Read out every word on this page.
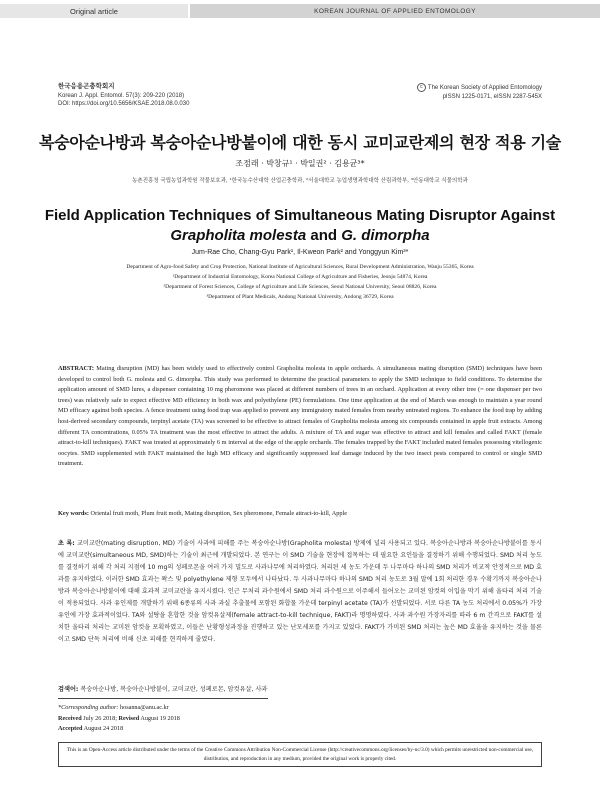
Original article	KOREAN JOURNAL OF APPLIED ENTOMOLOGY
한국응용곤충학회지
Korean J. Appl. Entomol. 57(3): 209-220 (2018)
DOI: https://doi.org/10.5656/KSAE.2018.08.0.030
c The Korean Society of Applied Entomology
pISSN 1225-0171, eISSN 2287-545X
복숭아순나방과 복숭아순나방붙이에 대한 동시 교미교란제의 현장 적용 기술
조점래 · 박창규¹ · 박일권² · 김용균³*
농촌진흥청 국립농업과학원 작물보호과, ¹한국농수산대학 산업곤충학과, ²서울대학교 농업생명과학대학 산림과학부, ³안동대학교 식물의학과
Field Application Techniques of Simultaneous Mating Disruptor Against
Grapholita molesta and G. dimorpha
Jum-Rae Cho, Chang-Gyu Park¹, Il-Kweon Park² and Yonggyun Kim³*
Department of Agro-food Safety and Crop Protection, National Institute of Agricultural Sciences, Rural Development Administration, Wanju 55365, Korea
¹Department of Industrial Entomology, Korea National College of Agriculture and Fisheries, Jeonju 54874, Korea
²Department of Forest Sciences, College of Agriculture and Life Sciences, Seoul National University, Seoul 08826, Korea
³Department of Plant Medicals, Andong National University, Andong 36729, Korea
ABSTRACT: Mating disruption (MD) has been widely used to effectively control Grapholita molesta in apple orchards. A simultaneous mating disruption (SMD) techniques have been developed to control both G. molesta and G. dimorpha. This study was performed to determine the practical parameters to apply the SMD technique to field conditions. To determine the application amount of SMD lures, a dispenser containing 10 mg pheromone was placed at different numbers of trees in an orchard. Application at every other tree (= one dispenser per two trees) was relatively safe to expect effective MD efficiency in both wax and polyethylene (PE) formulations. One time application at the end of March was enough to maintain a year round MD efficacy against both species. A fence treatment using food trap was applied to prevent any immigratory mated females from nearby untreated regions. To enhance the food trap by adding host-derived secondary compounds, terpinyl acetate (TA) was screened to be effective to attract females of Grapholita molesta among six compounds contained in apple fruit extracts. Among different TA concentrations, 0.05% TA treatment was the most effective to attract the adults. A mixture of TA and sugar was effective to attract and kill females and called FAKT (female attract-to-kill techniques). FAKT was treated at approximately 6 m interval at the edge of the apple orchards. The females trapped by the FAKT included mated females possessing vitellogenic oocytes. SMD supplemented with FAKT maintained the high MD efficacy and significantly suppressed leaf damage induced by the two insect pests compared to control or single SMD treatment.
Key words: Oriental fruit moth, Plum fruit moth, Mating disruption, Sex pheromone, Female attract-to-kill, Apple
초 록: 교미교란(mating disruption, MD) 기술이 사과에 피해를 주는 복숭아순나방(Grapholita molesta) 방제에 널리 사용되고 있다. 복숭아순나방과 복숭아순나방붙이를 동시에 교미교란(simultaneous MD, SMD)하는 기술이 최근에 개발되었다. 본 연구는 이 SMD 기술을 현장에 접목하는 데 필요한 요인들을 결정하기 위해 수행되었다. SMD 처리 농도를 결정하기 위해 각 처리 지점에 10 mg의 성페로몬을 여러 가지 밀도로 사과나무에 처리하였다. 처리된 세 농도 가운데 두 나무마다 하나의 SMD 처리가 비교적 안정적으로 MD 효과를 유지하였다. 이러한 SMD 효과는 왁스 및 polyethylene 제형 모두에서 나타났다. 두 사과나무마다 하나의 SMD 처리 농도로 3월 말에 1회 처리한 경우 수확기까지 복숭아순나방과 복숭아순나방붙이에 대해 효과적 교미교란을 유지시켰다. 인근 무처리 과수원에서 SMD 처리 과수원으로 이주해서 들어오는 교미된 암컷의 이입을 막기 위해 울타리 처리 기술이 적용되었다. 사과 유인제를 개발하기 위해 6종류의 사과 과실 추출물에 포함된 화합물 가운데 terpinyl acetate (TA)가 선발되었다. 서로 다른 TA 농도 처리에서 0.05%가 가장 유인에 가장 효과적이었다. TA와 설탕을 혼합한 것을 암컷유살제(female attract-to-kill technique, FAKT)라 명명하였다. 사과 과수원 가장자리를 따라 6 m 간격으로 FAKT를 설치한 울타리 처리는 교미된 암컷을 포획하였고, 이들은 난황형성과정을 진행하고 있는 난모세포를 가지고 있었다. FAKT가 가미된 SMD 처리는 높은 MD 효율을 유지하는 것을 물론이고 SMD 단독 처리에 비해 신초 피해를 현격하게 줄였다.
검색어: 복숭아순나방, 복숭아순나방붙이, 교미교란, 성페로몬, 암컷유살, 사과
*Corresponding author: hosanna@anu.ac.kr
Received July 26 2018; Revised August 19 2018
Accepted August 24 2018
This is an Open-Access article distributed under the terms of the Creative Commons Attribution Non-Commercial License (http://creativecommons.org/licenses/by-nc/3.0) which permits unrestricted non-commercial use, distribution, and reproduction in any medium, provided the original work is properly cited.
